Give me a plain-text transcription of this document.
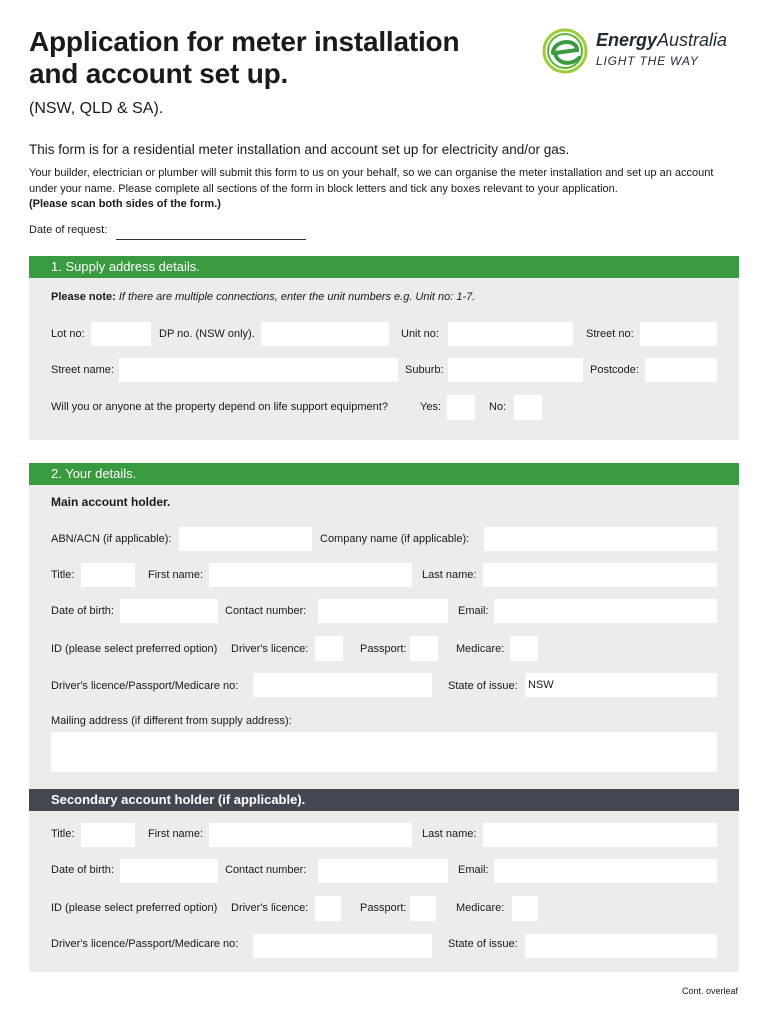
Application for meter installation
and account set up.
(NSW, QLD & SA).
EnergyAustralia
LIGHT THE WAY
This form is for a residential meter installation and account set up for electricity and/or gas.
Your builder, electrician or plumber will submit this form to us on your behalf, so we can organise the meter installation and set up an account under your name. Please complete all sections of the form in block letters and tick any boxes relevant to your application.
(Please scan both sides of the form.)
Date of request:
1. Supply address details.
Please note: If there are multiple connections, enter the unit numbers e.g. Unit no: 1-7.
Lot no:	DP no. (NSW only).	Unit no:	Street no:
Street name:	Suburb:	Postcode:
Will you or anyone at the property depend on life support equipment?	Yes:	No:
2. Your details.
Main account holder.
ABN/ACN (if applicable):	Company name (if applicable):
Title:	First name:	Last name:
Date of birth:	Contact number:	Email:
ID (please select preferred option) Driver's licence:	Passport:	Medicare:
Driver's licence/Passport/Medicare no:	State of issue: NSW
Mailing address (if different from supply address):
Secondary account holder (if applicable).
Title:	First name:	Last name:
Date of birth:	Contact number:	Email:
ID (please select preferred option) Driver's licence:	Passport:	Medicare:
Driver's licence/Passport/Medicare no:	State of issue:
Cont. overleaf
